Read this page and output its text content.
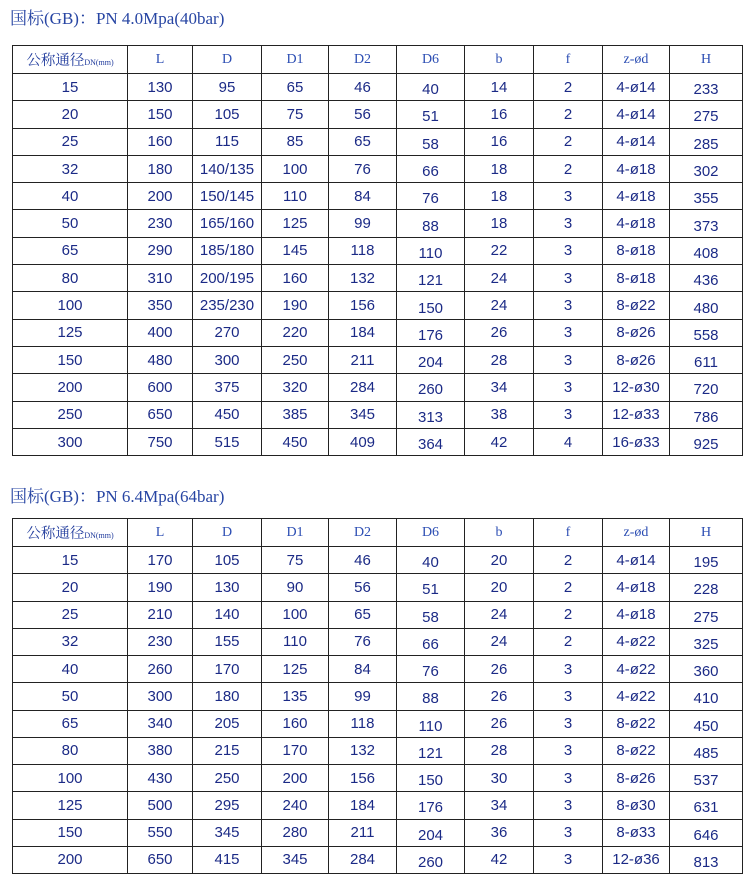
国标(GB)：PN 4.0Mpa(40bar)
公称通径DN(mm)	L	D	D1	D2	D6	b	f	z-ød	H
15	130	95	65	46	40	14	2	4-ø14	233
20	150	105	75	56	51	16	2	4-ø14	275
25	160	115	85	65	58	16	2	4-ø14	285
32	180	140/135	100	76	66	18	2	4-ø18	302
40	200	150/145	110	84	76	18	3	4-ø18	355
50	230	165/160	125	99	88	18	3	4-ø18	373
65	290	185/180	145	118	110	22	3	8-ø18	408
80	310	200/195	160	132	121	24	3	8-ø18	436
100	350	235/230	190	156	150	24	3	8-ø22	480
125	400	270	220	184	176	26	3	8-ø26	558
150	480	300	250	211	204	28	3	8-ø26	611
200	600	375	320	284	260	34	3	12-ø30	720
250	650	450	385	345	313	38	3	12-ø33	786
300	750	515	450	409	364	42	4	16-ø33	925
国标(GB)：PN 6.4Mpa(64bar)
公称通径DN(mm)	L	D	D1	D2	D6	b	f	z-ød	H
15	170	105	75	46	40	20	2	4-ø14	195
20	190	130	90	56	51	20	2	4-ø18	228
25	210	140	100	65	58	24	2	4-ø18	275
32	230	155	110	76	66	24	2	4-ø22	325
40	260	170	125	84	76	26	3	4-ø22	360
50	300	180	135	99	88	26	3	4-ø22	410
65	340	205	160	118	110	26	3	8-ø22	450
80	380	215	170	132	121	28	3	8-ø22	485
100	430	250	200	156	150	30	3	8-ø26	537
125	500	295	240	184	176	34	3	8-ø30	631
150	550	345	280	211	204	36	3	8-ø33	646
200	650	415	345	284	260	42	3	12-ø36	813
